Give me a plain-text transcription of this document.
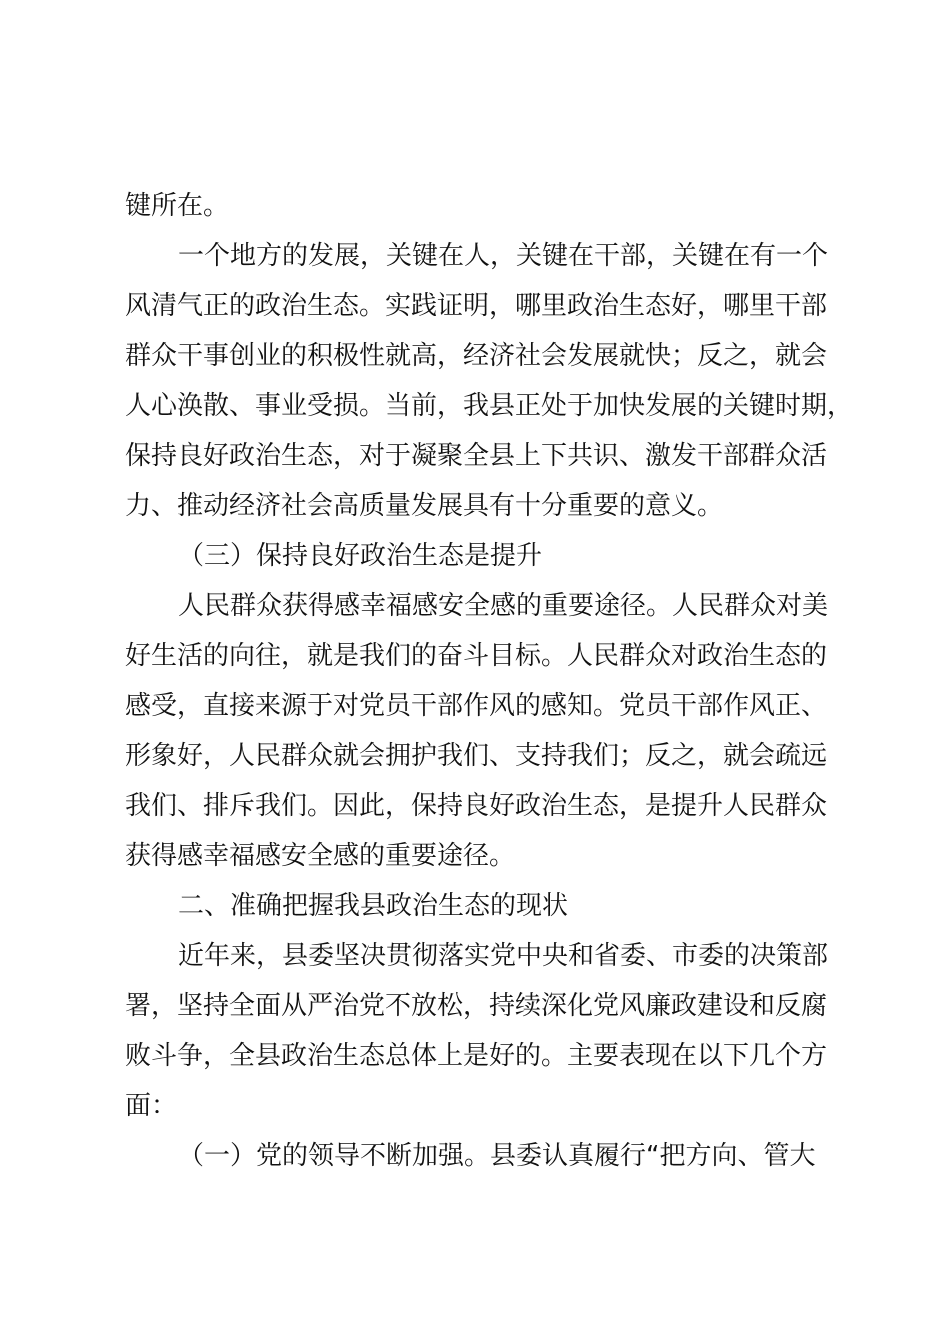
键所在。
一个地方的发展，关键在人，关键在干部，关键在有一个
风清气正的政治生态。实践证明，哪里政治生态好，哪里干部
群众干事创业的积极性就高，经济社会发展就快；反之，就会
人心涣散、事业受损。当前，我县正处于加快发展的关键时期，
保持良好政治生态，对于凝聚全县上下共识、激发干部群众活
力、推动经济社会高质量发展具有十分重要的意义。
（三）保持良好政治生态是提升
人民群众获得感幸福感安全感的重要途径。人民群众对美
好生活的向往，就是我们的奋斗目标。人民群众对政治生态的
感受，直接来源于对党员干部作风的感知。党员干部作风正、
形象好，人民群众就会拥护我们、支持我们；反之，就会疏远
我们、排斥我们。因此，保持良好政治生态，是提升人民群众
获得感幸福感安全感的重要途径。
二、准确把握我县政治生态的现状
近年来，县委坚决贯彻落实党中央和省委、市委的决策部
署，坚持全面从严治党不放松，持续深化党风廉政建设和反腐
败斗争，全县政治生态总体上是好的。主要表现在以下几个方
面：
（一）党的领导不断加强。县委认真履行“把方向、管大
